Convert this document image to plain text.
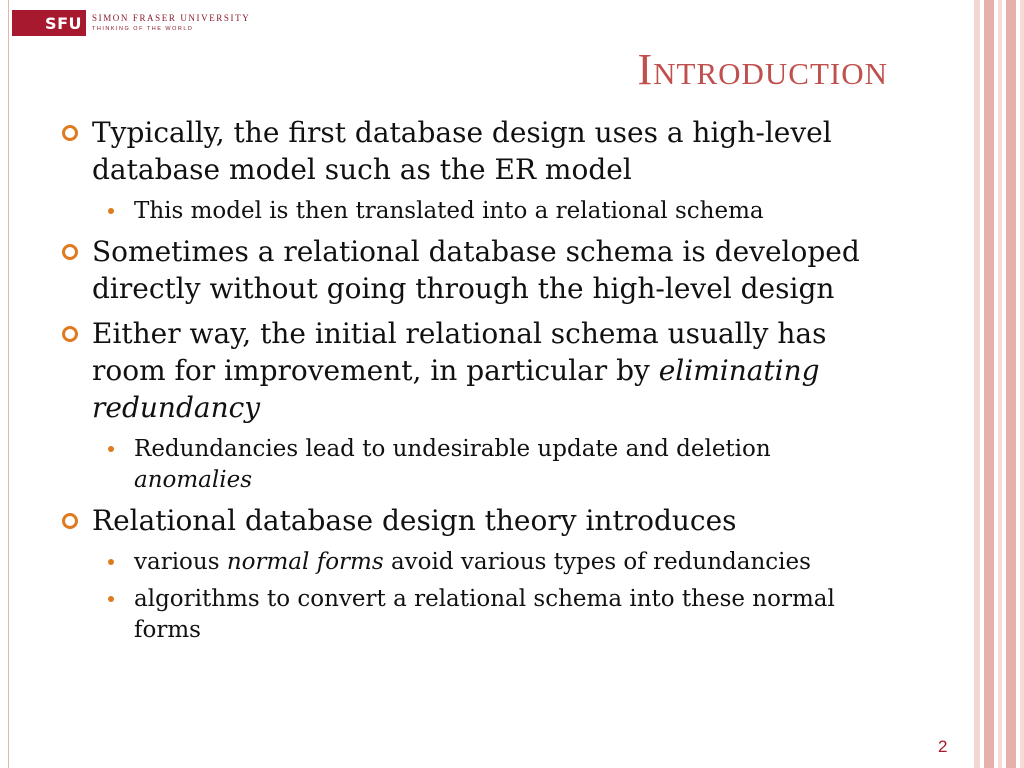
SFU	SIMON FRASER UNIVERSITY
THINKING OF THE WORLD
Introduction
Typically, the first database design uses a high-level database model such as the ER model
This model is then translated into a relational schema
Sometimes a relational database schema is developed directly without going through the high-level design
Either way, the initial relational schema usually has room for improvement, in particular by eliminating redundancy
Redundancies lead to undesirable update and deletion anomalies
Relational database design theory introduces
various normal forms avoid various types of redundancies
algorithms to convert a relational schema into these normal forms
2
